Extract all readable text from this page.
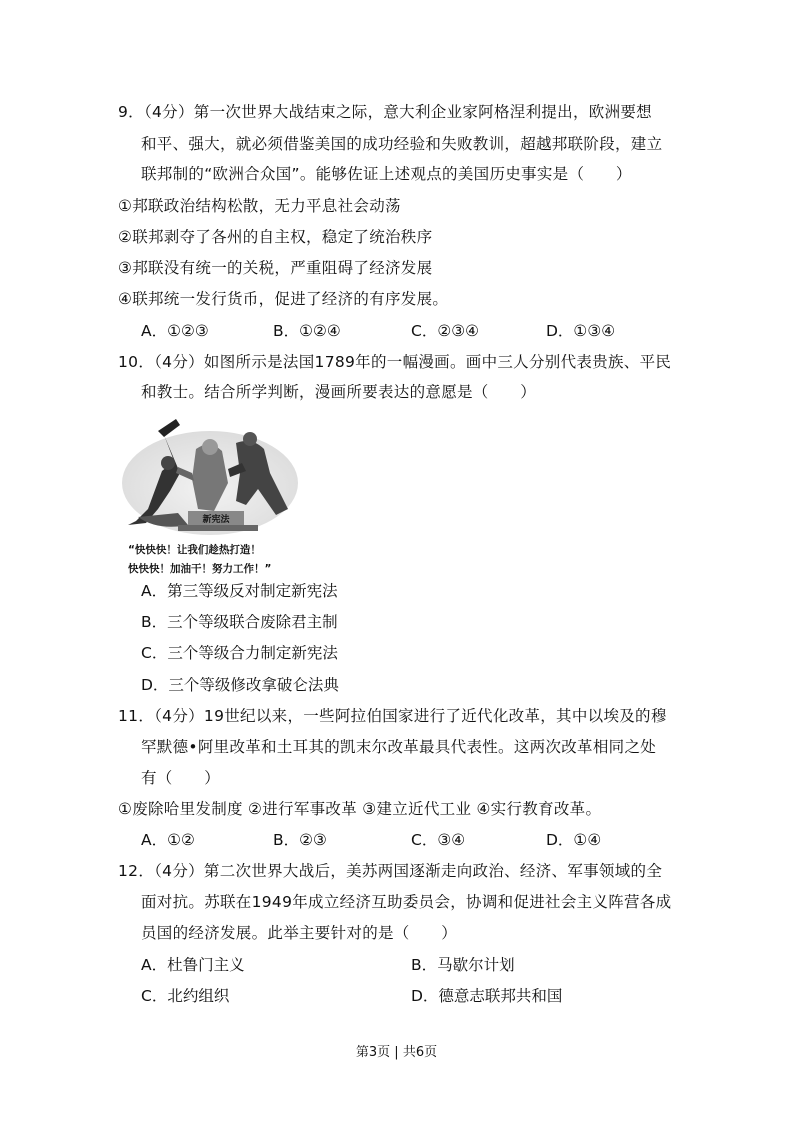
9．（4分）第一次世界大战结束之际，意大利企业家阿格涅利提出，欧洲要想
和平、强大，就必须借鉴美国的成功经验和失败教训，超越邦联阶段，建立
联邦制的“欧洲合众国”。能够佐证上述观点的美国历史事实是（　　）
①邦联政治结构松散，无力平息社会动荡
②联邦剥夺了各州的自主权，稳定了统治秩序
③邦联没有统一的关税，严重阻碍了经济发展
④联邦统一发行货币，促进了经济的有序发展。
A．①②③	B．①②④	C．②③④	D．①③④
10．（4分）如图所示是法国1789年的一幅漫画。画中三人分别代表贵族、平民
和教士。结合所学判断，漫画所要表达的意愿是（　　）
新宪法
“快快快！让我们趁热打造！
快快快！加油干！努力工作！”
A．第三等级反对制定新宪法
B．三个等级联合废除君主制
C．三个等级合力制定新宪法
D．三个等级修改拿破仑法典
11．（4分）19世纪以来，一些阿拉伯国家进行了近代化改革，其中以埃及的穆
罕默德•阿里改革和土耳其的凯末尔改革最具代表性。这两次改革相同之处
有（　　）
①废除哈里发制度 ②进行军事改革 ③建立近代工业 ④实行教育改革。
A．①②	B．②③	C．③④	D．①④
12．（4分）第二次世界大战后，美苏两国逐渐走向政治、经济、军事领域的全
面对抗。苏联在1949年成立经济互助委员会，协调和促进社会主义阵营各成
员国的经济发展。此举主要针对的是（　　）
A．杜鲁门主义	B．马歇尔计划
C．北约组织	D．德意志联邦共和国
第3页 | 共6页
